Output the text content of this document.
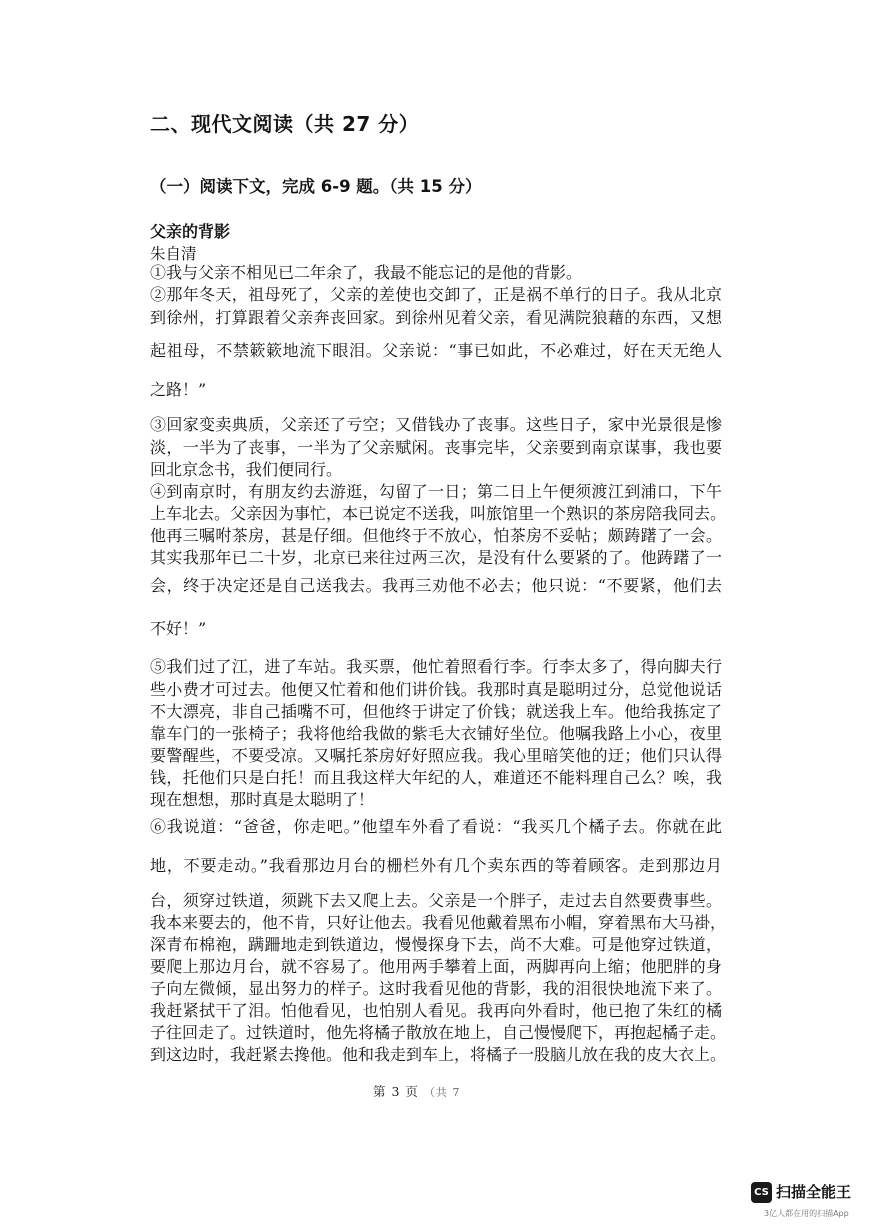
二、现代文阅读（共 27 分）
（一）阅读下文，完成 6-9 题。（共 15 分）
父亲的背影
朱自清
①我与父亲不相见已二年余了，我最不能忘记的是他的背影。
②那年冬天，祖母死了，父亲的差使也交卸了，正是祸不单行的日子。我从北京
到徐州，打算跟着父亲奔丧回家。到徐州见着父亲，看见满院狼藉的东西，又想
起祖母，不禁簌簌地流下眼泪。父亲说：“事已如此，不必难过，好在天无绝人
之路！”
③回家变卖典质，父亲还了亏空；又借钱办了丧事。这些日子，家中光景很是惨
淡，一半为了丧事，一半为了父亲赋闲。丧事完毕，父亲要到南京谋事，我也要
回北京念书，我们便同行。
④到南京时，有朋友约去游逛，勾留了一日；第二日上午便须渡江到浦口，下午
上车北去。父亲因为事忙，本已说定不送我，叫旅馆里一个熟识的茶房陪我同去。
他再三嘱咐茶房，甚是仔细。但他终于不放心，怕茶房不妥帖；颇踌躇了一会。
其实我那年已二十岁，北京已来往过两三次，是没有什么要紧的了。他踌躇了一
会，终于决定还是自己送我去。我再三劝他不必去；他只说：“不要紧，他们去
不好！”
⑤我们过了江，进了车站。我买票，他忙着照看行李。行李太多了，得向脚夫行
些小费才可过去。他便又忙着和他们讲价钱。我那时真是聪明过分，总觉他说话
不大漂亮，非自己插嘴不可，但他终于讲定了价钱；就送我上车。他给我拣定了
靠车门的一张椅子；我将他给我做的紫毛大衣铺好坐位。他嘱我路上小心，夜里
要警醒些，不要受凉。又嘱托茶房好好照应我。我心里暗笑他的迂；他们只认得
钱，托他们只是白托！而且我这样大年纪的人，难道还不能料理自己么？唉，我
现在想想，那时真是太聪明了！
⑥我说道：“爸爸，你走吧。”他望车外看了看说：“我买几个橘子去。你就在此
地，不要走动。”我看那边月台的栅栏外有几个卖东西的等着顾客。走到那边月
台，须穿过铁道，须跳下去又爬上去。父亲是一个胖子，走过去自然要费事些。
我本来要去的，他不肯，只好让他去。我看见他戴着黑布小帽，穿着黑布大马褂，
深青布棉袍，蹒跚地走到铁道边，慢慢探身下去，尚不大难。可是他穿过铁道，
要爬上那边月台，就不容易了。他用两手攀着上面，两脚再向上缩；他肥胖的身
子向左微倾，显出努力的样子。这时我看见他的背影，我的泪很快地流下来了。
我赶紧拭干了泪。怕他看见，也怕别人看见。我再向外看时，他已抱了朱红的橘
子往回走了。过铁道时，他先将橘子散放在地上，自己慢慢爬下，再抱起橘子走。
到这边时，我赶紧去搀他。他和我走到车上，将橘子一股脑儿放在我的皮大衣上。
第 3 页 （共 7
CS 扫描全能王
3亿人都在用的扫描App
